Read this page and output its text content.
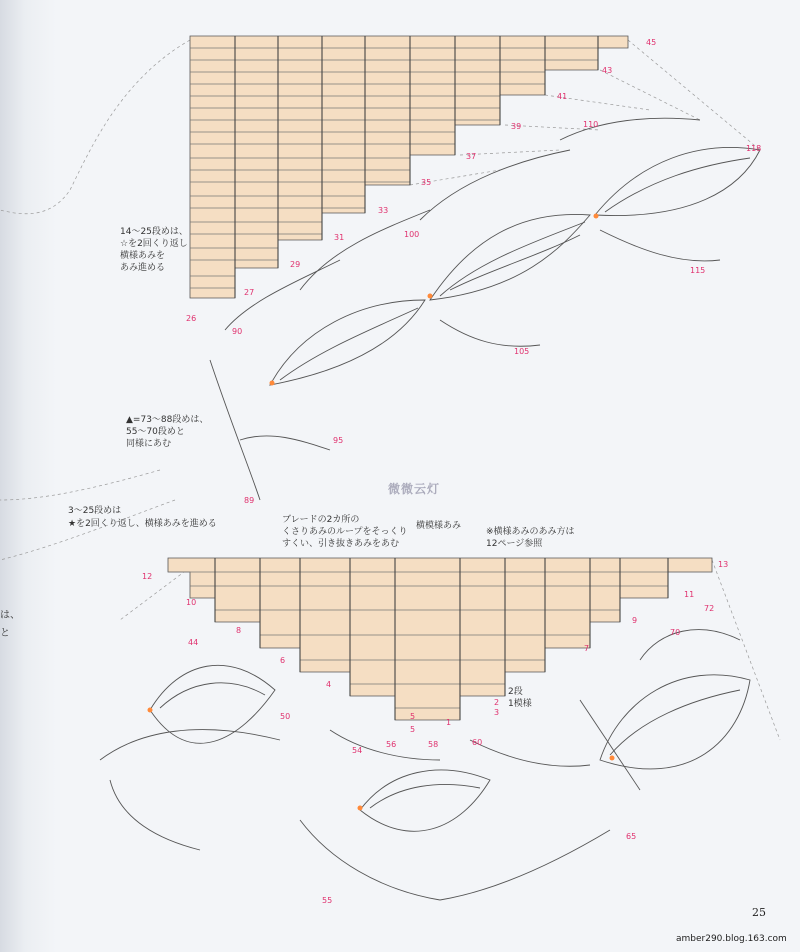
14〜25段めは、
☆を2回くり返し
横様あみを
あみ進める
▲=73〜88段めは、
55〜70段めと
同様にあむ
3〜25段めは
★を2回くり返し、横様あみを進める	ブレードの2カ所の
くさりあみのループをそっくり
すくい、引き抜きあみをあむ
横模様あみ
※横様あみのあみ方は
12ページ参照
2段
1模様
は、
と
微微云灯
25
amber290.blog.163.com
45
43
41
39
37
35
33
31
29
27
26
110
118
100
115
105
90
95
89
13
11
9
7
5	3
1
2
4
6
8
10
12
5
72
70
44
50
54
56	58	60
65
55
